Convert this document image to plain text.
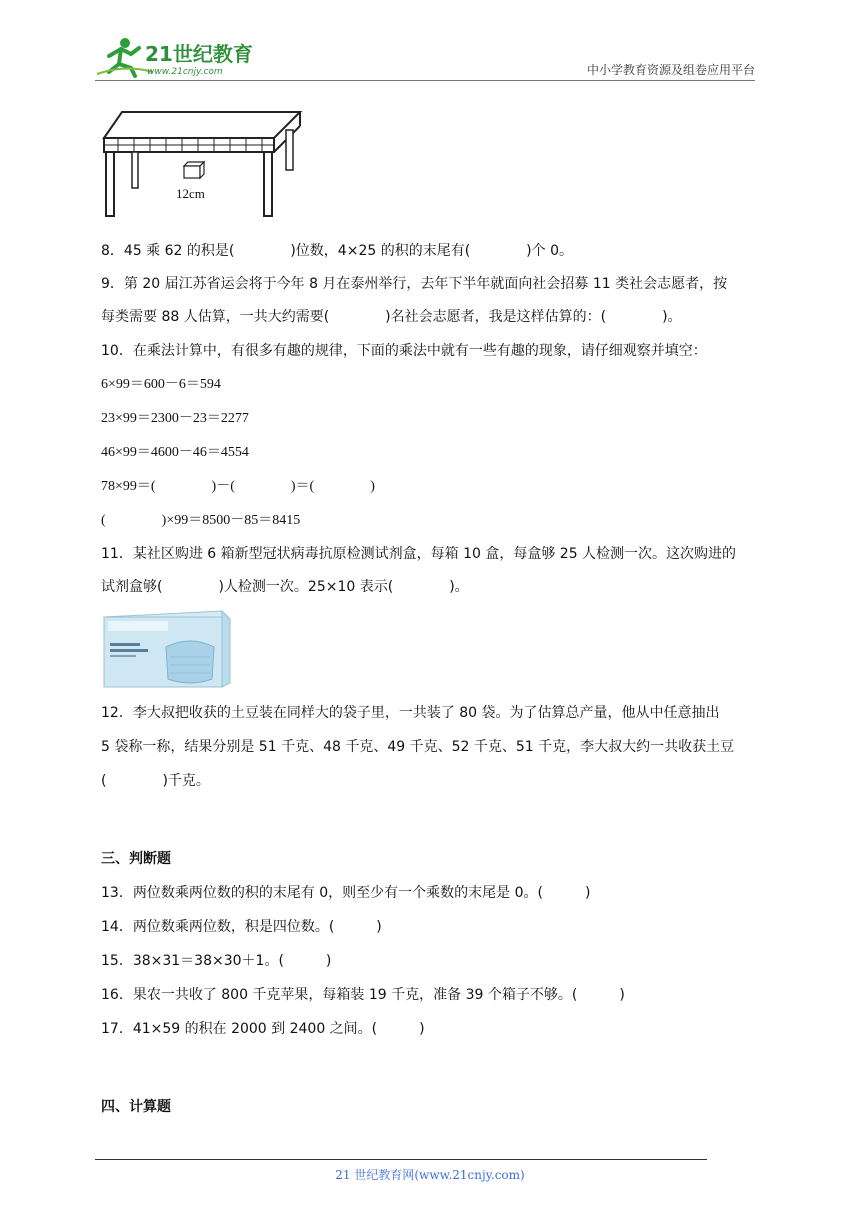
21世纪教育
www.21cnjy.com	中小学教育资源及组卷应用平台
12cm
8．45 乘 62 的积是(　　　　)位数，4×25 的积的末尾有(　　　　)个 0。
9．第 20 届江苏省运会将于今年 8 月在泰州举行，去年下半年就面向社会招募 11 类社会志愿者，按
每类需要 88 人估算，一共大约需要(　　　　)名社会志愿者，我是这样估算的：(　　　　)。
10．在乘法计算中，有很多有趣的规律，下面的乘法中就有一些有趣的现象，请仔细观察并填空：
6×99＝600－6＝594
23×99＝2300－23＝2277
46×99＝4600－46＝4554
78×99＝(　　　　)－(　　　　)＝(　　　　)
(　　　　)×99＝8500－85＝8415
11．某社区购进 6 箱新型冠状病毒抗原检测试剂盒，每箱 10 盒，每盒够 25 人检测一次。这次购进的
试剂盒够(　　　　)人检测一次。25×10 表示(　　　　)。
12．李大叔把收获的土豆装在同样大的袋子里，一共装了 80 袋。为了估算总产量，他从中任意抽出
5 袋称一称，结果分别是 51 千克、48 千克、49 千克、52 千克、51 千克，李大叔大约一共收获土豆
(　　　　)千克。
三、判断题
13．两位数乘两位数的积的末尾有 0，则至少有一个乘数的末尾是 0。(　　　)
14．两位数乘两位数，积是四位数。(　　　)
15．38×31＝38×30＋1。(　　　)
16．果农一共收了 800 千克苹果，每箱装 19 千克，准备 39 个箱子不够。(　　　)
17．41×59 的积在 2000 到 2400 之间。(　　　)
四、计算题
21 世纪教育网(www.21cnjy.com)
